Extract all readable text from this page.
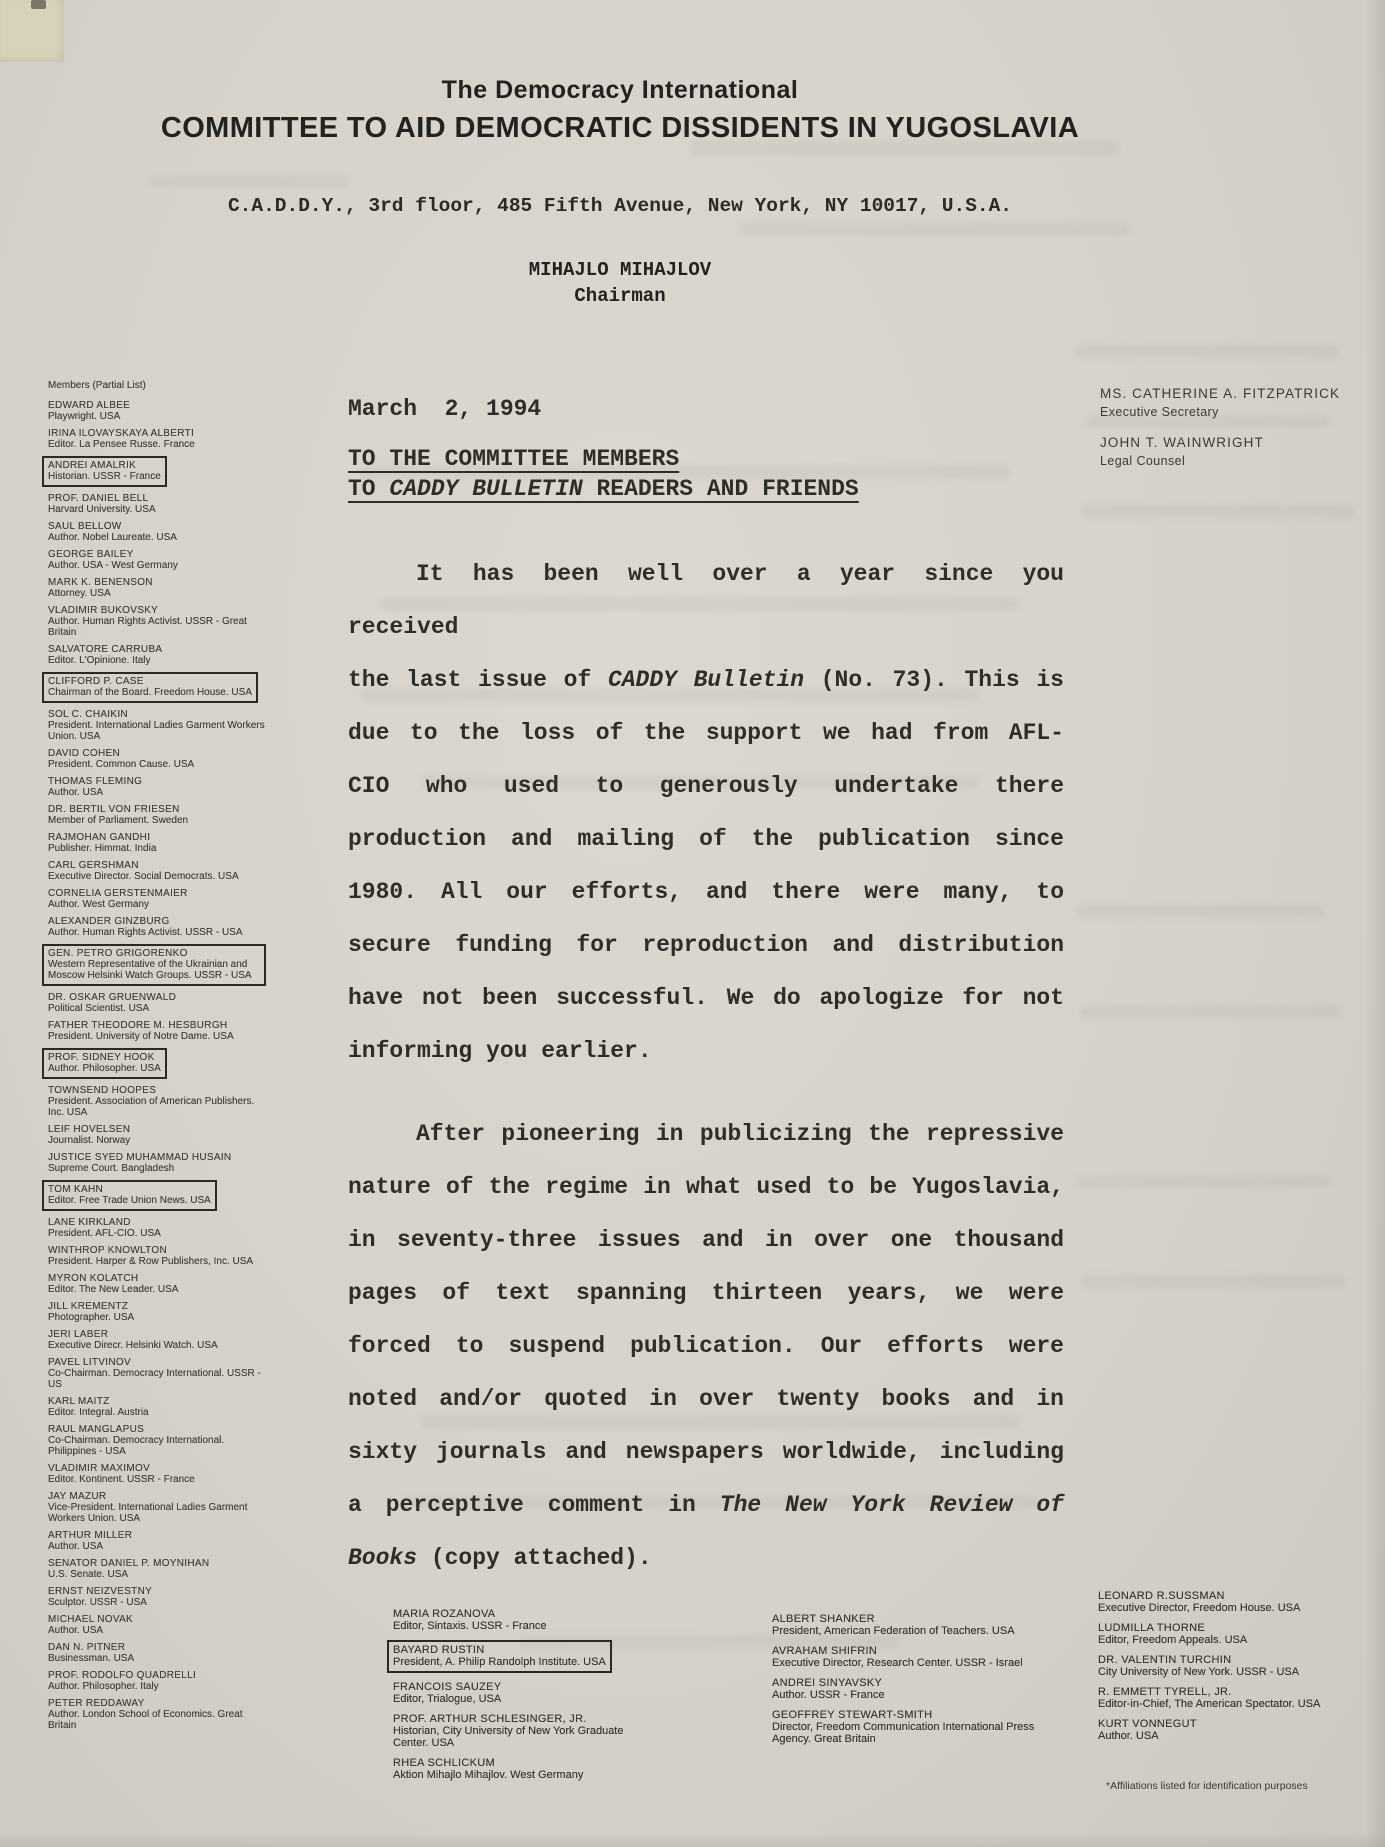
The Democracy International
COMMITTEE TO AID DEMOCRATIC DISSIDENTS IN YUGOSLAVIA
C.A.D.D.Y., 3rd floor, 485 Fifth Avenue, New York, NY 10017, U.S.A.
MIHAJLO MIHAJLOV
Chairman
MS. CATHERINE A. FITZPATRICK
Executive Secretary
JOHN T. WAINWRIGHT
Legal Counsel
Members (Partial List)
EDWARD ALBEE
Playwright. USA
IRINA ILOVAYSKAYA ALBERTI
Editor. La Pensee Russe. France
ANDREI AMALRIK
Historian. USSR - France
PROF. DANIEL BELL
Harvard University. USA
SAUL BELLOW
Author. Nobel Laureate. USA
GEORGE BAILEY
Author. USA - West Germany
MARK K. BENENSON
Attorney. USA
VLADIMIR BUKOVSKY
Author. Human Rights Activist. USSR - Great Britain
SALVATORE CARRUBA
Editor. L'Opinione. Italy
CLIFFORD P. CASE
Chairman of the Board. Freedom House. USA
SOL C. CHAIKIN
President. International Ladies Garment Workers Union. USA
DAVID COHEN
President. Common Cause. USA
THOMAS FLEMING
Author. USA
DR. BERTIL VON FRIESEN
Member of Parliament. Sweden
RAJMOHAN GANDHI
Publisher. Himmat. India
CARL GERSHMAN
Executive Director. Social Democrats. USA
CORNELIA GERSTENMAIER
Author. West Germany
ALEXANDER GINZBURG
Author. Human Rights Activist. USSR - USA
GEN. PETRO GRIGORENKO
Western Representative of the Ukrainian and Moscow Helsinki Watch Groups. USSR - USA
DR. OSKAR GRUENWALD
Political Scientist. USA
FATHER THEODORE M. HESBURGH
President. University of Notre Dame. USA
PROF. SIDNEY HOOK
Author. Philosopher. USA
TOWNSEND HOOPES
President. Association of American Publishers. Inc. USA
LEIF HOVELSEN
Journalist. Norway
JUSTICE SYED MUHAMMAD HUSAIN
Supreme Court. Bangladesh
TOM KAHN
Editor. Free Trade Union News. USA
LANE KIRKLAND
President. AFL-CIO. USA
WINTHROP KNOWLTON
President. Harper & Row Publishers, Inc. USA
MYRON KOLATCH
Editor. The New Leader. USA
JILL KREMENTZ
Photographer. USA
JERI LABER
Executive Direcr. Helsinki Watch. USA
PAVEL LITVINOV
Co-Chairman. Democracy International. USSR - US
KARL MAITZ
Editor. Integral. Austria
RAUL MANGLAPUS
Co-Chairman. Democracy International. Philippines - USA
VLADIMIR MAXIMOV
Editor. Kontinent. USSR - France
JAY MAZUR
Vice-President. International Ladies Garment Workers Union. USA
ARTHUR MILLER
Author. USA
SENATOR DANIEL P. MOYNIHAN
U.S. Senate. USA
ERNST NEIZVESTNY
Sculptor. USSR - USA
MICHAEL NOVAK
Author. USA
DAN N. PITNER
Businessman. USA
PROF. RODOLFO QUADRELLI
Author. Philosopher. Italy
PETER REDDAWAY
Author. London School of Economics. Great Britain
March  2, 1994
TO THE COMMITTEE MEMBERS
TO CADDY BULLETIN READERS AND FRIENDS
It has been well over a year since you received
the last issue of CADDY Bulletin (No. 73). This is
due to the loss of the support we had from AFL-
CIO who used to generously undertake there
production and mailing of the publication since
1980. All our efforts, and there were many, to
secure funding for reproduction and distribution
have not been successful. We do apologize for not
informing you earlier.
After pioneering in publicizing the repressive
nature of the regime in what used to be Yugoslavia,
in seventy-three issues and in over one thousand
pages of text spanning thirteen years, we were
forced to suspend publication. Our efforts were
noted and/or quoted in over twenty books and in
sixty journals and newspapers worldwide, including
a perceptive comment in The New York Review of
Books (copy attached).
MARIA ROZANOVA
Editor, Sintaxis. USSR - France
BAYARD RUSTIN
President, A. Philip Randolph Institute. USA
FRANCOIS SAUZEY
Editor, Trialogue, USA
PROF. ARTHUR SCHLESINGER, JR.
Historian, City University of New York Graduate Center. USA
RHEA SCHLICKUM
Aktion Mihajlo Mihajlov. West Germany
ALBERT SHANKER
President, American Federation of Teachers. USA
AVRAHAM SHIFRIN
Executive Director, Research Center. USSR - Israel
ANDREI SINYAVSKY
Author. USSR - France
GEOFFREY STEWART-SMITH
Director, Freedom Communication International Press Agency. Great Britain
LEONARD R.SUSSMAN
Executive Director, Freedom House. USA
LUDMILLA THORNE
Editor, Freedom Appeals. USA
DR. VALENTIN TURCHIN
City University of New York. USSR - USA
R. EMMETT TYRELL, JR.
Editor-in-Chief, The American Spectator. USA
KURT VONNEGUT
Author. USA
*Affiliations listed for identification purposes
